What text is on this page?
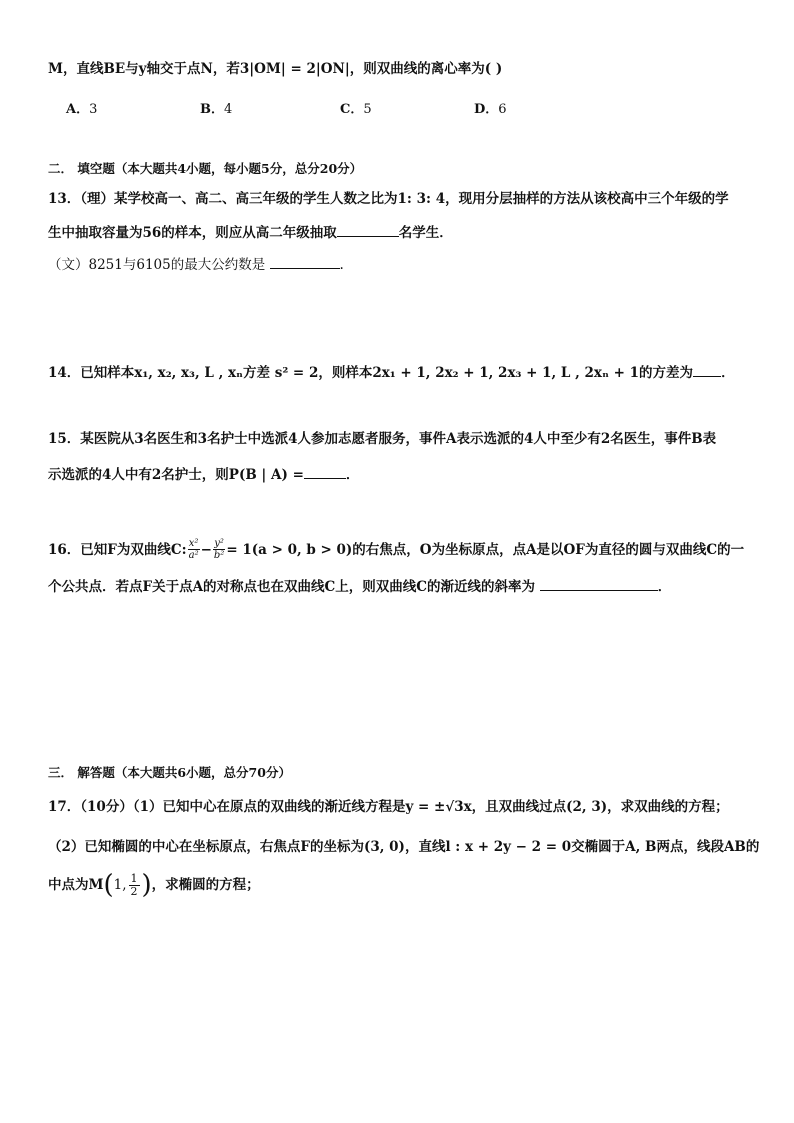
M，直线BE与y轴交于点N，若3|OM| = 2|ON|，则双曲线的离心率为( )
A．3	B．4	C．5	D．6
二． 填空题（本大题共4小题，每小题5分，总分20分）
13．（理）某学校高一、高二、高三年级的学生人数之比为1: 3: 4，现用分层抽样的方法从该校高中三个年级的学
生中抽取容量为56的样本，则应从高二年级抽取	名学生．
（文）8251与6105的最大公约数是	.
14．已知样本x₁, x₂, x₃, L , xₙ方差 s² = 2，则样本2x₁ + 1, 2x₂ + 1, 2x₃ + 1, L , 2xₙ + 1的方差为 ．
15．某医院从3名医生和3名护士中选派4人参加志愿者服务，事件A表示选派的4人中至少有2名医生，事件B表
示选派的4人中有2名护士，则P(B | A) =	．
16．已知F为双曲线C: $\frac{\text{x²}}{\text{a²}} - \frac{\text{y²}}{\text{b²}} = 1(a > 0$, b > 0)的右焦点，O为坐标原点，点A是以OF为直径的圆与双曲线C的一
个公共点．若点F关于点A的对称点也在双曲线C上，则双曲线C的渐近线的斜率为	．
三． 解答题（本大题共6小题，总分70分）
17．（10分）（1）已知中心在原点的双曲线的渐近线方程是y = ±√3x，且双曲线过点(2, 3)，求双曲线的方程；
（2）已知椭圆的中心在坐标原点，右焦点F的坐标为(3, 0)，直线l : x + 2y − 2 = 0交椭圆于A, B两点，线段AB的
中点为M ( 1, $\frac{1}{2}$ ) ，求椭圆的方程；
